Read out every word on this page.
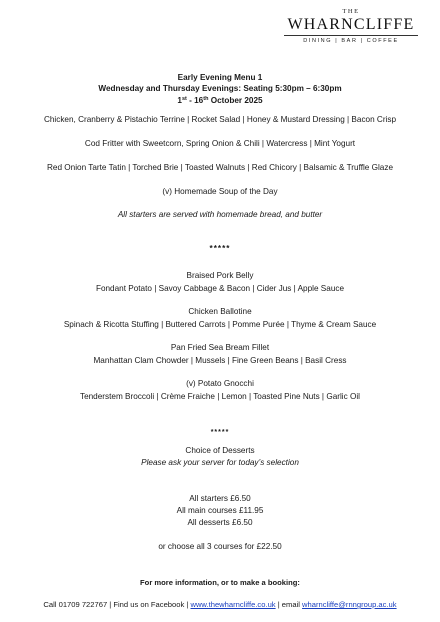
THE
WHARNCLIFFE
DINING | BAR | COFFEE
Early Evening Menu 1
Wednesday and Thursday Evenings: Seating 5:30pm – 6:30pm
1st - 16th October 2025
Chicken, Cranberry & Pistachio Terrine | Rocket Salad | Honey & Mustard Dressing | Bacon Crisp
Cod Fritter with Sweetcorn, Spring Onion & Chili | Watercress | Mint Yogurt
Red Onion Tarte Tatin | Torched Brie | Toasted Walnuts | Red Chicory | Balsamic & Truffle Glaze
(v) Homemade Soup of the Day
All starters are served with homemade bread, and butter
*****
Braised Pork Belly
Fondant Potato | Savoy Cabbage & Bacon | Cider Jus | Apple Sauce
Chicken Ballotine
Spinach & Ricotta Stuffing | Buttered Carrots | Pomme Purée | Thyme & Cream Sauce
Pan Fried Sea Bream Fillet
Manhattan Clam Chowder | Mussels | Fine Green Beans | Basil Cress
(v) Potato Gnocchi
Tenderstem Broccoli | Crème Fraiche | Lemon | Toasted Pine Nuts | Garlic Oil
*****
Choice of Desserts
Please ask your server for today’s selection
All starters £6.50
All main courses £11.95
All desserts £6.50
or choose all 3 courses for £22.50
For more information, or to make a booking:
Call 01709 722767 | Find us on Facebook | www.thewharncliffe.co.uk | email wharncliffe@rnngroup.ac.uk
